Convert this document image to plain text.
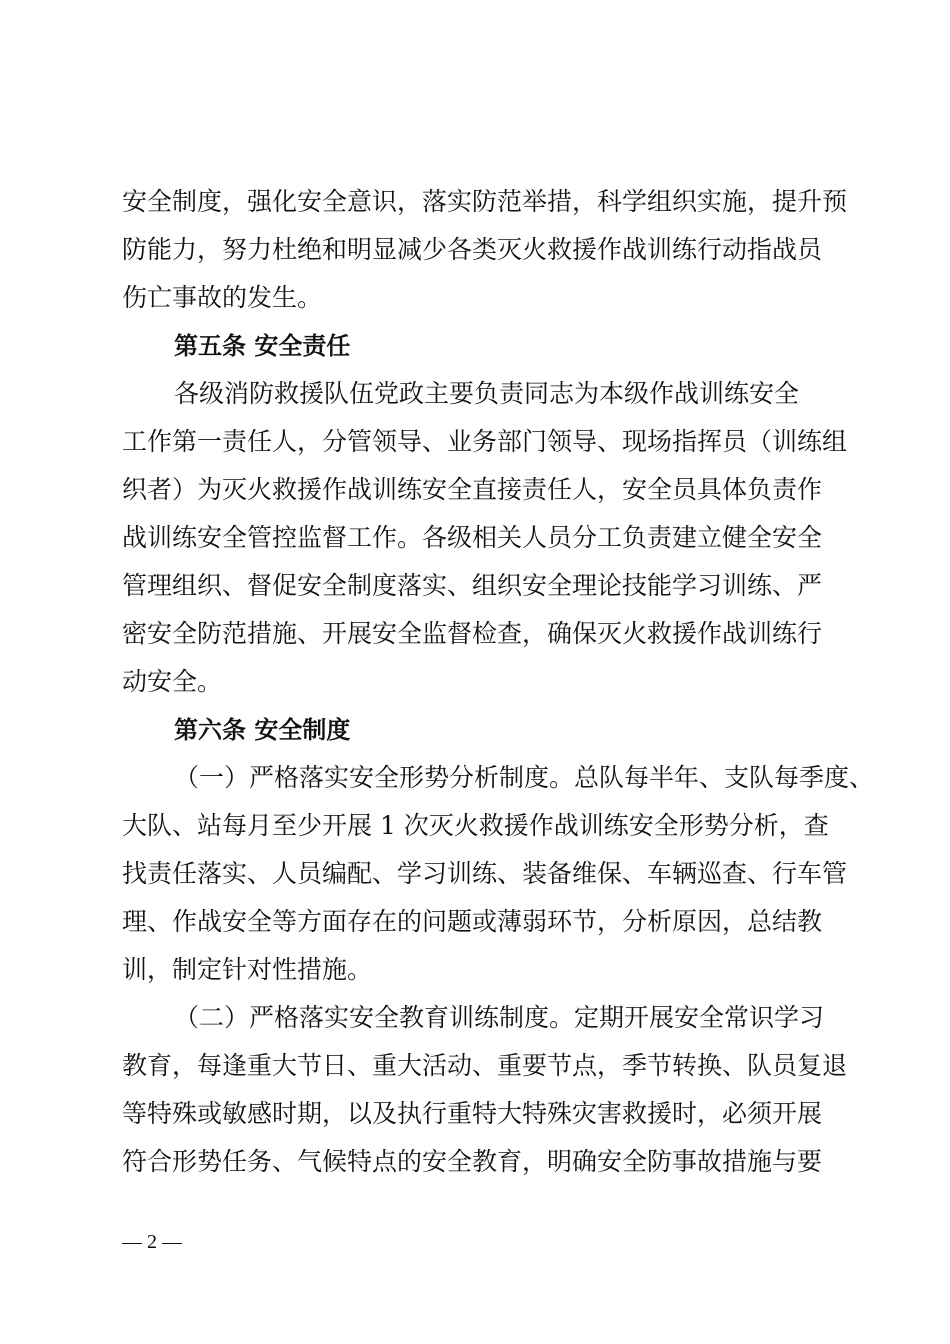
安全制度，强化安全意识，落实防范举措，科学组织实施，提升预
防能力，努力杜绝和明显减少各类灭火救援作战训练行动指战员
伤亡事故的发生。
第五条 安全责任
各级消防救援队伍党政主要负责同志为本级作战训练安全
工作第一责任人，分管领导、业务部门领导、现场指挥员（训练组
织者）为灭火救援作战训练安全直接责任人，安全员具体负责作
战训练安全管控监督工作。各级相关人员分工负责建立健全安全
管理组织、督促安全制度落实、组织安全理论技能学习训练、严
密安全防范措施、开展安全监督检查，确保灭火救援作战训练行
动安全。
第六条 安全制度
（一）严格落实安全形势分析制度。总队每半年、支队每季度、
大队、站每月至少开展 1 次灭火救援作战训练安全形势分析，查
找责任落实、人员编配、学习训练、装备维保、车辆巡查、行车管
理、作战安全等方面存在的问题或薄弱环节，分析原因，总结教
训，制定针对性措施。
（二）严格落实安全教育训练制度。定期开展安全常识学习
教育，每逢重大节日、重大活动、重要节点，季节转换、队员复退
等特殊或敏感时期，以及执行重特大特殊灾害救援时，必须开展
符合形势任务、气候特点的安全教育，明确安全防事故措施与要
— 2 —
